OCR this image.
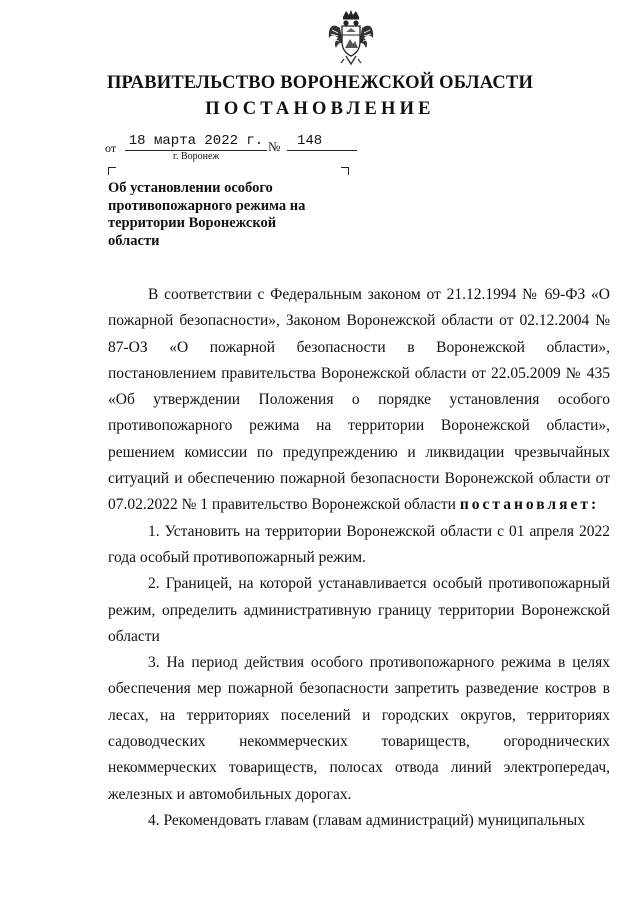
ПРАВИТЕЛЬСТВО ВОРОНЕЖСКОЙ ОБЛАСТИ
ПОСТАНОВЛЕНИЕ
от 18 марта 2022 г. №	148
г. Воронеж
Об установлении особого противопожарного режима на территории Воронежской области

В соответствии с Федеральным законом от 21.12.1994 № 69-ФЗ «О пожарной безопасности», Законом Воронежской области от 02.12.2004 № 87-ОЗ «О пожарной безопасности в Воронежской области», постановлением правительства Воронежской области от 22.05.2009 № 435 «Об утверждении Положения о порядке установления особого противопожарного режима на территории Воронежской области», решением комиссии по предупреждению и ликвидации чрезвычайных ситуаций и обеспечению пожарной безопасности Воронежской области от 07.02.2022 № 1 правительство Воронежской области постановляет:

1. Установить на территории Воронежской области с 01 апреля 2022 года особый противопожарный режим.

2. Границей, на которой устанавливается особый противопожарный режим, определить административную границу территории Воронежской области

3. На период действия особого противопожарного режима в целях обеспечения мер пожарной безопасности запретить разведение костров в лесах, на территориях поселений и городских округов, территориях садоводческих некоммерческих товариществ, огороднических некоммерческих товариществ, полосах отвода линий электропередач, железных и автомобильных дорогах.

4. Рекомендовать главам (главам администраций) муниципальных
